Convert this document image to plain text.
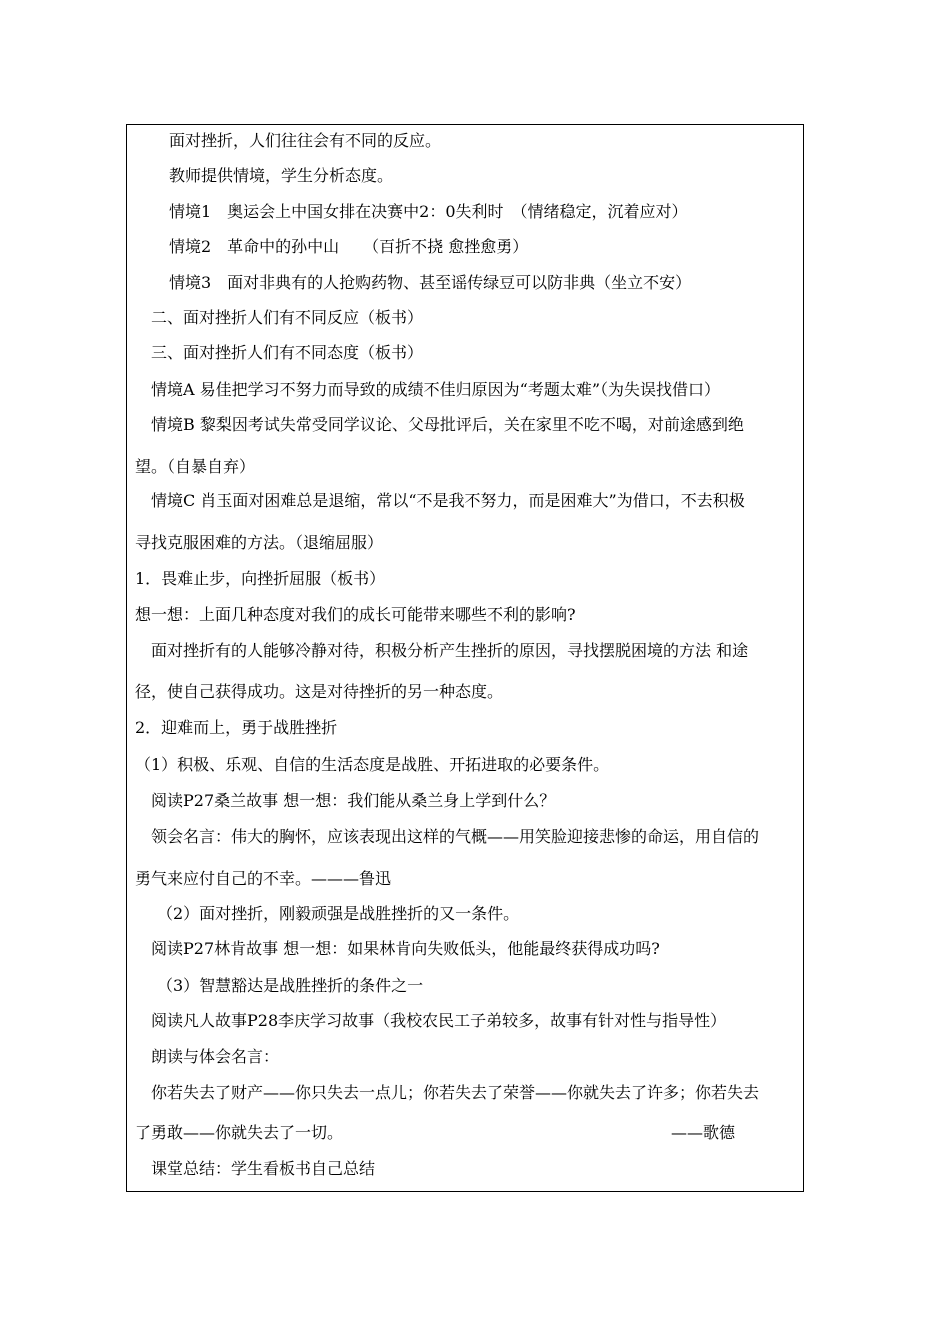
面对挫折，人们往往会有不同的反应。
教师提供情境，学生分析态度。
情境1　奥运会上中国女排在决赛中2：0失利时　（情绪稳定，沉着应对）
情境2　革命中的孙中山　　（百折不挠 愈挫愈勇）
情境3　面对非典有的人抢购药物、甚至谣传绿豆可以防非典（坐立不安）
二、面对挫折人们有不同反应（板书）
三、面对挫折人们有不同态度（板书）
情境A 易佳把学习不努力而导致的成绩不佳归原因为“考题太难”（为失误找借口）
情境B 黎梨因考试失常受同学议论、父母批评后，关在家里不吃不喝，对前途感到绝
望。（自暴自弃）
情境C 肖玉面对困难总是退缩，常以“不是我不努力，而是困难大”为借口，不去积极
寻找克服困难的方法。（退缩屈服）
1．畏难止步，向挫折屈服（板书）
想一想：上面几种态度对我们的成长可能带来哪些不利的影响?
面对挫折有的人能够冷静对待，积极分析产生挫折的原因，寻找摆脱困境的方法 和途
径，使自己获得成功。这是对待挫折的另一种态度。
2．迎难而上，勇于战胜挫折
（1）积极、乐观、自信的生活态度是战胜、开拓进取的必要条件。
阅读P27桑兰故事 想一想：我们能从桑兰身上学到什么？
领会名言：伟大的胸怀，应该表现出这样的气概——用笑脸迎接悲惨的命运，用自信的
勇气来应付自己的不幸。———鲁迅
（2）面对挫折，刚毅顽强是战胜挫折的又一条件。
阅读P27林肯故事 想一想：如果林肯向失败低头，他能最终获得成功吗?
（3）智慧豁达是战胜挫折的条件之一
阅读凡人故事P28李庆学习故事（我校农民工子弟较多，故事有针对性与指导性）
朗读与体会名言：
你若失去了财产——你只失去一点儿；你若失去了荣誉——你就失去了许多；你若失去
了勇敢——你就失去了一切。	——歌德
课堂总结：学生看板书自己总结
